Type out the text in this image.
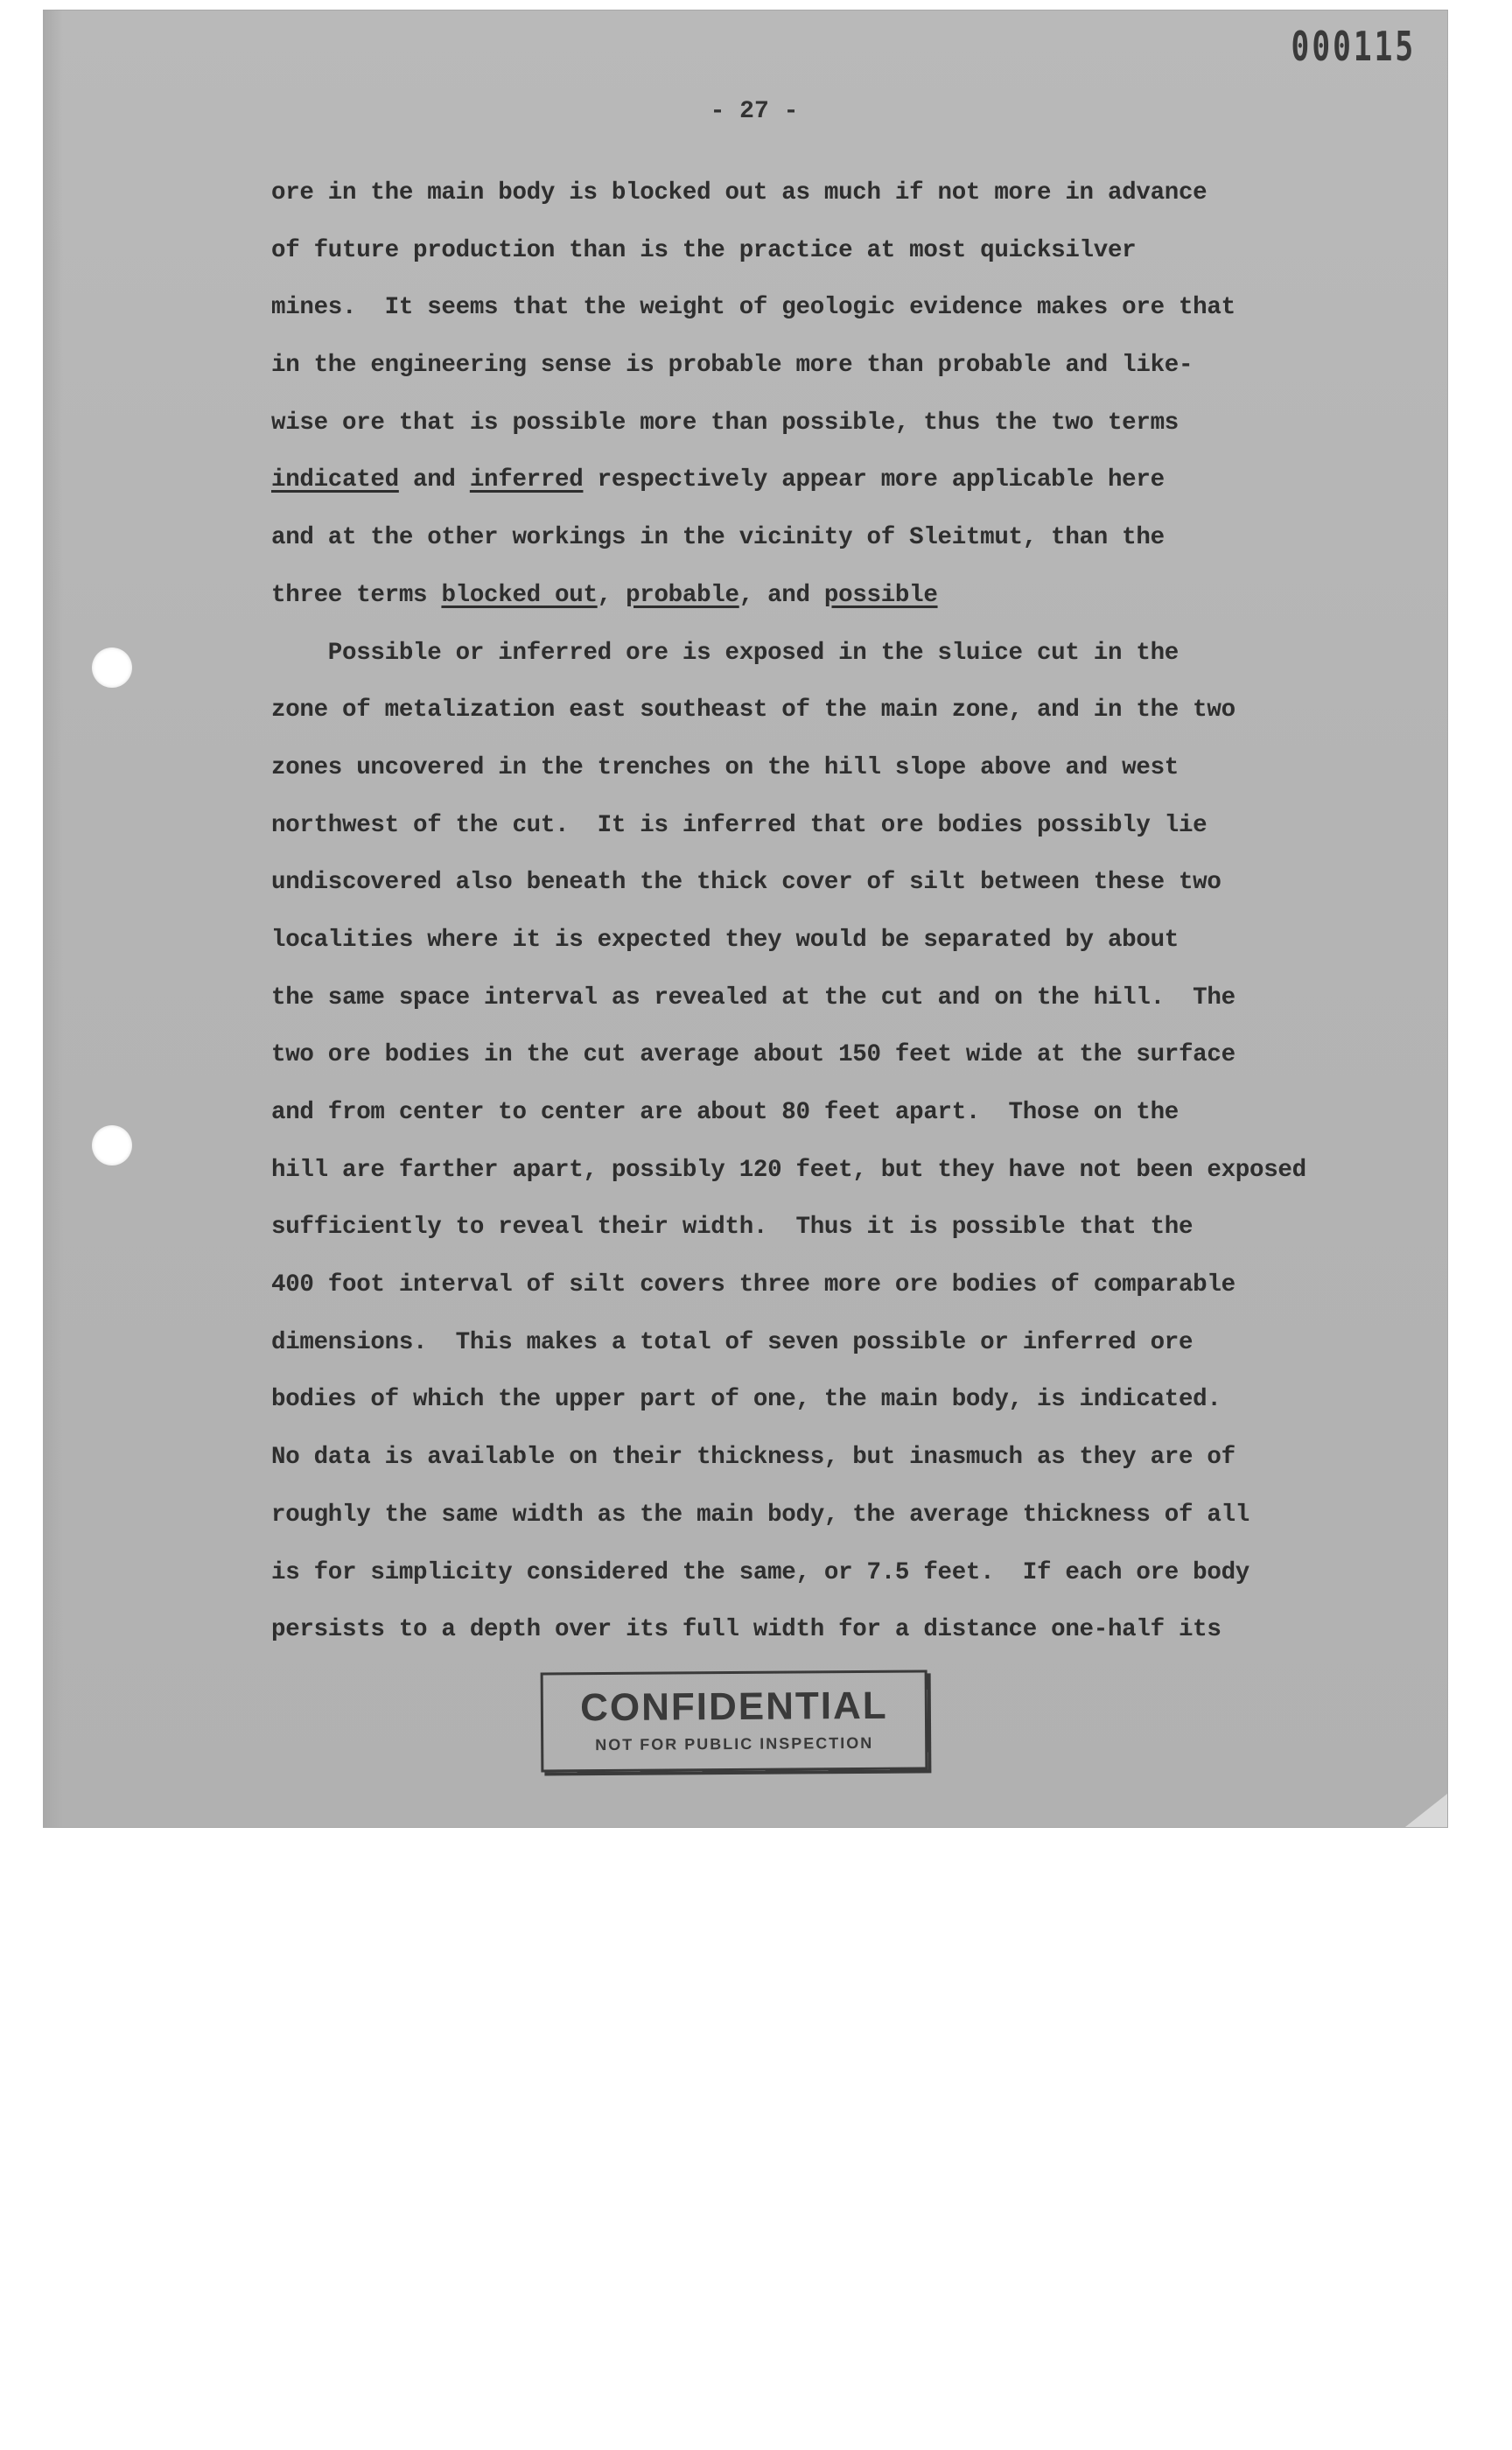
000115
- 27 -
ore in the main body is blocked out as much if not more in advance
of future production than is the practice at most quicksilver
mines.  It seems that the weight of geologic evidence makes ore that
in the engineering sense is probable more than probable and like-
wise ore that is possible more than possible, thus the two terms
indicated and inferred respectively appear more applicable here
and at the other workings in the vicinity of Sleitmut, than the
three terms blocked out, probable, and possible
Possible or inferred ore is exposed in the sluice cut in the
zone of metalization east southeast of the main zone, and in the two
zones uncovered in the trenches on the hill slope above and west
northwest of the cut.  It is inferred that ore bodies possibly lie
undiscovered also beneath the thick cover of silt between these two
localities where it is expected they would be separated by about
the same space interval as revealed at the cut and on the hill.  The
two ore bodies in the cut average about 150 feet wide at the surface
and from center to center are about 80 feet apart.  Those on the
hill are farther apart, possibly 120 feet, but they have not been exposed
sufficiently to reveal their width.  Thus it is possible that the
400 foot interval of silt covers three more ore bodies of comparable
dimensions.  This makes a total of seven possible or inferred ore
bodies of which the upper part of one, the main body, is indicated.
No data is available on their thickness, but inasmuch as they are of
roughly the same width as the main body, the average thickness of all
is for simplicity considered the same, or 7.5 feet.  If each ore body
persists to a depth over its full width for a distance one-half its
CONFIDENTIAL
NOT FOR PUBLIC INSPECTION
